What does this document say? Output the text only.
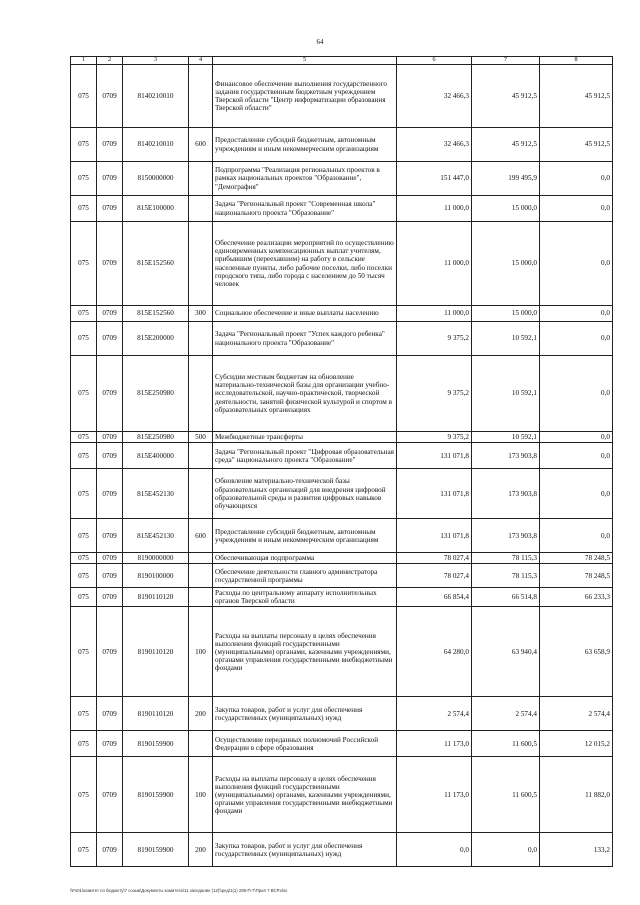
64
1	2	3	4	5	6	7	8
075	0709	8140210010		Финансовое обеспечение выполнения государственного задания государственным бюджетным учреждением Тверской области "Центр информатизации образования Тверской области"	32 466,3	45 912,5	45 912,5
075	0709	8140210010	600	Предоставление субсидий бюджетным, автономным учреждениям и иным некоммерческим организациям	32 466,3	45 912,5	45 912,5
075	0709	8150000000		Подпрограмма "Реализация региональных проектов в рамках национальных проектов "Образование", "Демография"	151 447,0	199 495,9	0,0
075	0709	815E100000		Задача "Региональный проект "Современная школа" национального проекта "Образование"	11 000,0	15 000,0	0,0
075	0709	815E152560		Обеспечение реализации мероприятий по осуществлению единовременных компенсационных выплат учителям, прибывшим (переехавшим) на работу в сельские населенные пункты, либо рабочие поселки, либо поселки городского типа, либо города с населением до 50 тысяч человек	11 000,0	15 000,0	0,0
075	0709	815E152560	300	Социальное обеспечение и иные выплаты населению	11 000,0	15 000,0	0,0
075	0709	815E200000		Задача "Региональный проект "Успех каждого ребенка" национального проекта "Образование"	9 375,2	10 592,1	0,0
075	0709	815E250980		Субсидии местным бюджетам на обновление материально-технической базы для организации учебно-исследовательской, научно-практической, творческой деятельности, занятий физической культурой и спортом в образовательных организациях	9 375,2	10 592,1	0,0
075	0709	815E250980	500	Межбюджетные трансферты	9 375,2	10 592,1	0,0
075	0709	815E400000		Задача "Региональный проект "Цифровая образовательная среда" национального проекта "Образование"	131 071,8	173 903,8	0,0
075	0709	815E452130		Обновление материально-технической базы образовательных организаций для внедрения цифровой образовательной среды и развития цифровых навыков обучающихся	131 071,8	173 903,8	0,0
075	0709	815E452130	600	Предоставление субсидий бюджетным, автономным учреждениям и иным некоммерческим организациям	131 071,8	173 903,8	0,0
075	0709	8190000000		Обеспечивающая подпрограмма	78 027,4	78 115,3	78 248,5
075	0709	8190100000		Обеспечение деятельности главного администратора государственной программы	78 027,4	78 115,3	78 248,5
075	0709	8190110120		Расходы по центральному аппарату исполнительных органов Тверской области	66 854,4	66 514,8	66 233,3
075	0709	8190110120	100	Расходы на выплаты персоналу в целях обеспечения выполнения функций государственными (муниципальными) органами, казенными учреждениями, органами управления государственными внебюджетными фондами	64 280,0	63 940,4	63 658,9
075	0709	8190110120	200	Закупка товаров, работ и услуг для обеспечения государственных (муниципальных) нужд	2 574,4	2 574,4	2 574,4
075	0709	8190159900		Осуществление переданных полномочий Российской Федерации в сфере образования	11 173,0	11 600,5	12 015,2
075	0709	8190159900	100	Расходы на выплаты персоналу в целях обеспечения выполнения функций государственными (муниципальными) органами, казенными учреждениями, органами управления государственными внебюджетными фондами	11 173,0	11 600,5	11 882,0
075	0709	8190159900	200	Закупка товаров, работ и услуг для обеспечения государственных (муниципальных) нужд	0,0	0,0	133,2
\\Fs01\комитет по бюджету\7 созыв\Документы комитета\11 заседание (12)\\ред\1(1) 285-П-7\Прил 7 ВСР.xlsx
